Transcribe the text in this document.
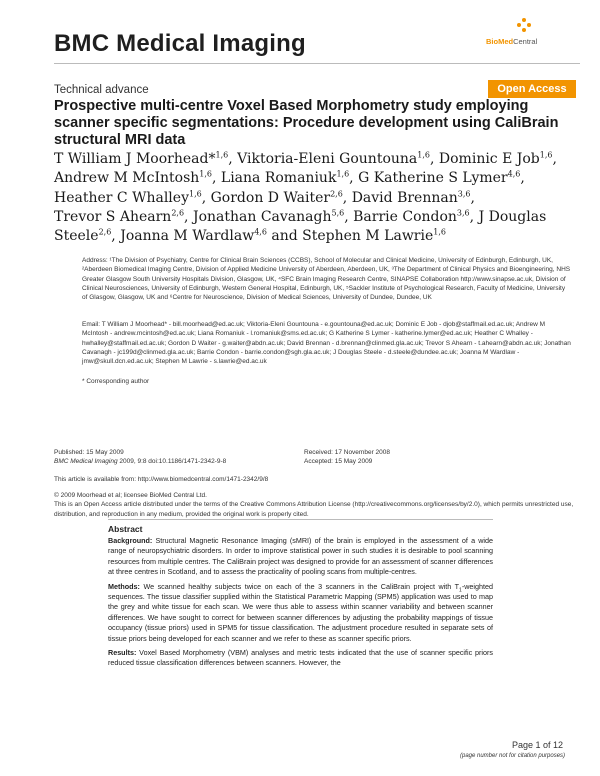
BMC Medical Imaging	BioMedCentral
Technical advance	Open Access
Prospective multi-centre Voxel Based Morphometry study employing scanner specific segmentations: Procedure development using CaliBrain structural MRI data
T William J Moorhead*$^{1,6}$, Viktoria-Eleni Gountouna$^{1,6}$, Dominic E Job$^{1,6}$, Andrew M McIntosh$^{1,6}$, Liana Romaniuk$^{1,6}$, G Katherine S Lymer$^{4,6}$, Heather C Whalley$^{1,6}$, Gordon D Waiter$^{2,6}$, David Brennan$^{3,6}$, Trevor S Ahearn$^{2,6}$, Jonathan Cavanagh$^{5,6}$, Barrie Condon$^{3,6}$, J Douglas Steele$^{2,6}$, Joanna M Wardlaw$^{4,6}$ and Stephen M Lawrie$^{1,6}$
Address: ¹The Division of Psychiatry, Centre for Clinical Brain Sciences (CCBS), School of Molecular and Clinical Medicine, University of Edinburgh, Edinburgh, UK, ²Aberdeen Biomedical Imaging Centre, Division of Applied Medicine University of Aberdeen, Aberdeen, UK, ³The Department of Clinical Physics and Bioengineering, NHS Greater Glasgow South University Hospitals Division, Glasgow, UK, ⁴SFC Brain Imaging Research Centre, SINAPSE Collaboration http://www.sinapse.ac.uk, Division of Clinical Neurosciences, University of Edinburgh, Western General Hospital, Edinburgh, UK, ⁵Sackler Institute of Psychological Research, Faculty of Medicine, University of Glasgow, Glasgow, UK and ⁶Centre for Neuroscience, Division of Medical Sciences, University of Dundee, Dundee, UK
Email: T William J Moorhead* - bill.moorhead@ed.ac.uk; Viktoria-Eleni Gountouna - e.gountouna@ed.ac.uk; Dominic E Job - djob@staffmail.ed.ac.uk; Andrew M McIntosh - andrew.mcintosh@ed.ac.uk; Liana Romaniuk - l.romaniuk@sms.ed.ac.uk; G Katherine S Lymer - katherine.lymer@ed.ac.uk; Heather C Whalley - hwhalley@staffmail.ed.ac.uk; Gordon D Waiter - g.waiter@abdn.ac.uk; David Brennan - d.brennan@clinmed.gla.ac.uk; Trevor S Ahearn - t.ahearn@abdn.ac.uk; Jonathan Cavanagh - jc199d@clinmed.gla.ac.uk; Barrie Condon - barrie.condon@sgh.gla.ac.uk; J Douglas Steele - d.steele@dundee.ac.uk; Joanna M Wardlaw - jmw@skull.dcn.ed.ac.uk; Stephen M Lawrie - s.lawrie@ed.ac.uk
* Corresponding author
Published: 15 May 2009
BMC Medical Imaging 2009, 9:8 doi:10.1186/1471-2342-9-8
Received: 17 November 2008
Accepted: 15 May 2009
This article is available from: http://www.biomedcentral.com/1471-2342/9/8
© 2009 Moorhead et al; licensee BioMed Central Ltd.
This is an Open Access article distributed under the terms of the Creative Commons Attribution License (http://creativecommons.org/licenses/by/2.0), which permits unrestricted use, distribution, and reproduction in any medium, provided the original work is properly cited.
Abstract

Background: Structural Magnetic Resonance Imaging (sMRI) of the brain is employed in the assessment of a wide range of neuropsychiatric disorders. In order to improve statistical power in such studies it is desirable to pool scanning resources from multiple centres. The CaliBrain project was designed to provide for an assessment of scanner differences at three centres in Scotland, and to assess the practicality of pooling scans from multiple-centres.

Methods: We scanned healthy subjects twice on each of the 3 scanners in the CaliBrain project with $T_1$-weighted sequences. The tissue classifier supplied within the Statistical Parametric Mapping (SPM5) application was used to map the grey and white tissue for each scan. We were thus able to assess within scanner variability and between scanner differences. We have sought to correct for between scanner differences by adjusting the probability mappings of tissue occupancy (tissue priors) used in SPM5 for tissue classification. The adjustment procedure resulted in separate sets of tissue priors being developed for each scanner and we refer to these as scanner specific priors.

Results: Voxel Based Morphometry (VBM) analyses and metric tests indicated that the use of scanner specific priors reduced tissue classification differences between scanners. However, the

Page 1 of 12
(page number not for citation purposes)
